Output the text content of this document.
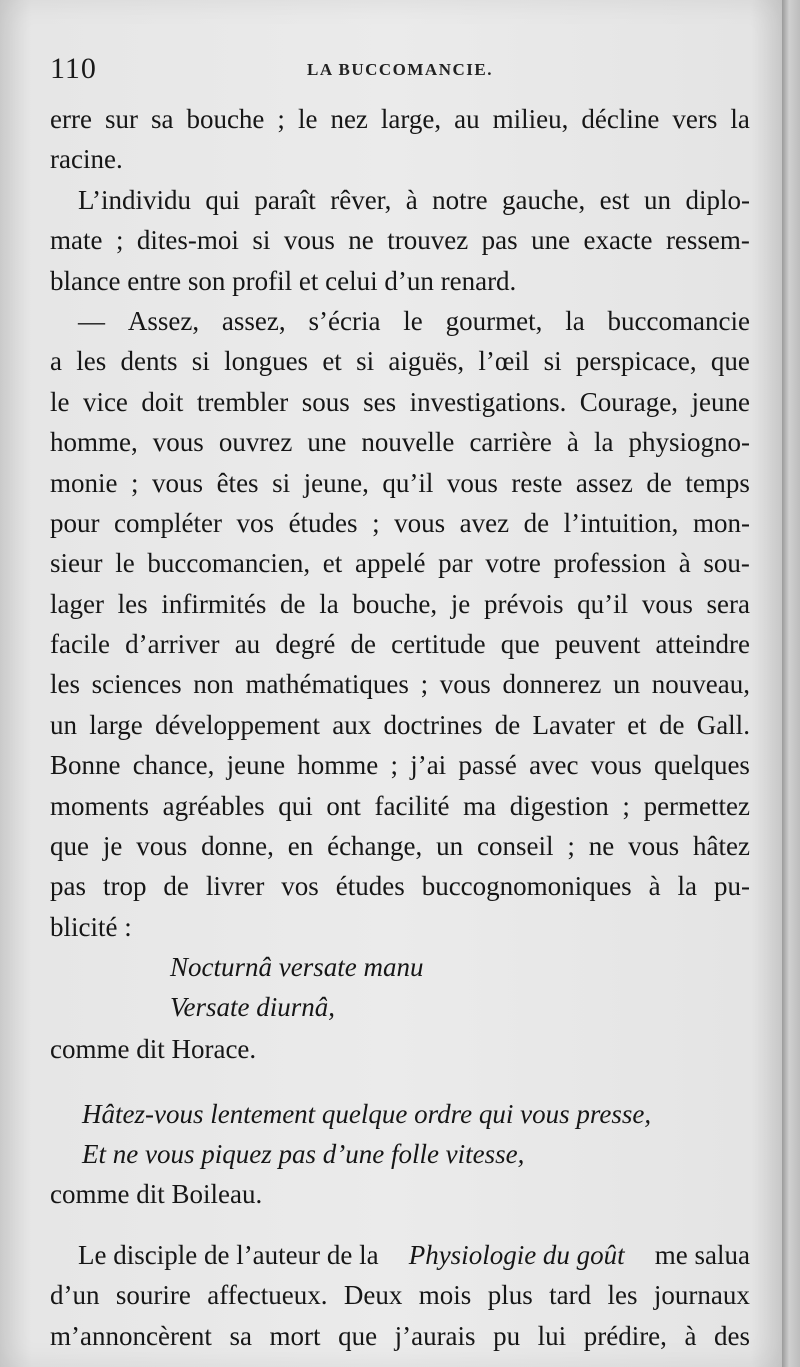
110	LA BUCCOMANCIE.
erre sur sa bouche ; le nez large, au milieu, décline vers la
racine.
L’individu qui paraît rêver, à notre gauche, est un diplo-
mate ; dites-moi si vous ne trouvez pas une exacte ressem-
blance entre son profil et celui d’un renard.
— Assez, assez, s’écria le gourmet, la buccomancie
a les dents si longues et si aiguës, l’œil si perspicace, que
le vice doit trembler sous ses investigations. Courage, jeune
homme, vous ouvrez une nouvelle carrière à la physiogno-
monie ; vous êtes si jeune, qu’il vous reste assez de temps
pour compléter vos études ; vous avez de l’intuition, mon-
sieur le buccomancien, et appelé par votre profession à sou-
lager les infirmités de la bouche, je prévois qu’il vous sera
facile d’arriver au degré de certitude que peuvent atteindre
les sciences non mathématiques ; vous donnerez un nouveau,
un large développement aux doctrines de Lavater et de Gall.
Bonne chance, jeune homme ; j’ai passé avec vous quelques
moments agréables qui ont facilité ma digestion ; permettez
que je vous donne, en échange, un conseil ; ne vous hâtez
pas trop de livrer vos études buccognomoniques à la pu-
blicité :
Nocturnâ versate manu
Versate diurnâ,
comme dit Horace.
Hâtez-vous lentement quelque ordre qui vous presse,
Et ne vous piquez pas d’une folle vitesse,
comme dit Boileau.
Le disciple de l’auteur de la Physiologie du goût me salua
d’un sourire affectueux. Deux mois plus tard les journaux
m’annoncèrent sa mort que j’aurais pu lui prédire, à des
